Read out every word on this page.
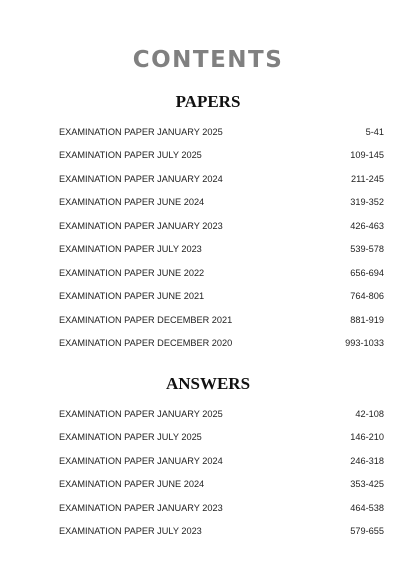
CONTENTS
PAPERS
EXAMINATION PAPER JANUARY 2025	5-41
EXAMINATION PAPER JULY 2025	109-145
EXAMINATION PAPER JANUARY 2024	211-245
EXAMINATION PAPER JUNE 2024	319-352
EXAMINATION PAPER JANUARY 2023	426-463
EXAMINATION PAPER JULY 2023	539-578
EXAMINATION PAPER JUNE 2022	656-694
EXAMINATION PAPER JUNE 2021	764-806
EXAMINATION PAPER DECEMBER 2021	881-919
EXAMINATION PAPER DECEMBER 2020	993-1033
ANSWERS
EXAMINATION PAPER JANUARY 2025	42-108
EXAMINATION PAPER JULY 2025	146-210
EXAMINATION PAPER JANUARY 2024	246-318
EXAMINATION PAPER JUNE 2024	353-425
EXAMINATION PAPER JANUARY 2023	464-538
EXAMINATION PAPER JULY 2023	579-655
